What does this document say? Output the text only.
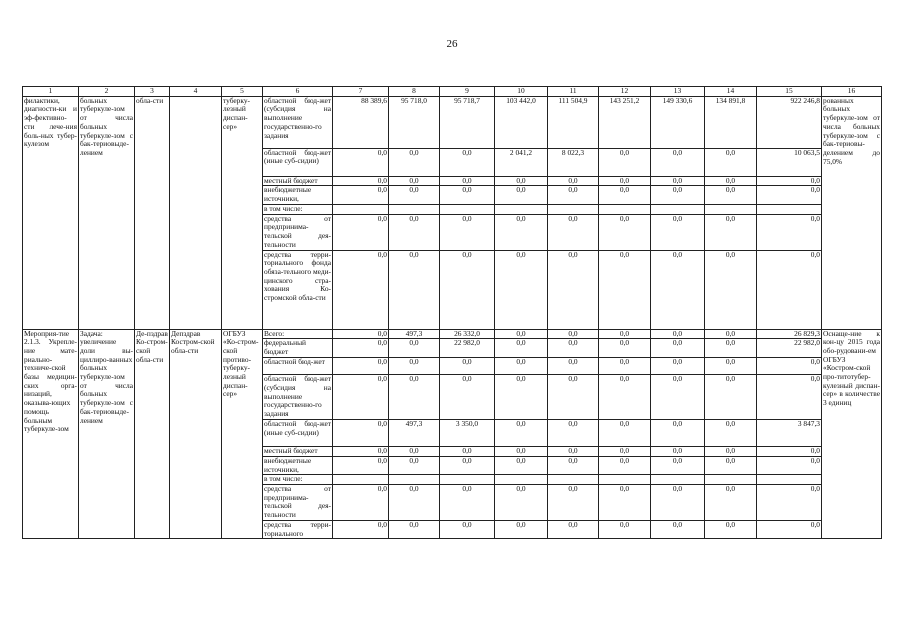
26
1	2	3	4	5	6	7	8	9	10	11	12	13	14	15	16
филактики, диагности-ки и эф-фективно-сти лече-ния боль-ных тубер-кулезом	больных туберкуле-зом от числа больных туберкуле-зом с бак-териовыде-лением	обла-сти		туберку-лезный диспан-сер»	областной бюд-жет (субсидия на выполнение государственно-го задания	88 389,6	95 718,0	95 718,7	103 442,0	111 504,9	143 251,2	149 330,6	134 891,8	922 246,8	рованных больных туберкуле-зом от числа больных туберкуле-зом с бак-териовы-делением до 75,0%
					областной бюд-жет (иные суб-сидии)	0,0	0,0	0,0	2 041,2	8 022,3	0,0	0,0	0,0	10 063,5	
					местный бюджет	0,0	0,0	0,0	0,0	0,0	0,0	0,0	0,0	0,0	
					внебюджетные источники,	0,0	0,0	0,0	0,0	0,0	0,0	0,0	0,0	0,0	
					в том числе:										
					средства от предпринима-тельской дея-тельности	0,0	0,0	0,0	0,0	0,0	0,0	0,0	0,0	0,0	
					средства терри-ториального фонда обяза-тельного меди-цинского стра-хования Ко-стромской обла-сти	0,0	0,0	0,0	0,0	0,0	0,0	0,0	0,0	0,0	
Мероприя-тие 2.1.3. Укрепле-ние мате-риально-техниче-ской базы медицин-ских орга-низаций, оказыва-ющих помощь больным туберкуле-зом	Задача: увеличение доли вы-циллиро-ванных больных туберкуле-зом от числа больных туберкуле-зом с бак-териовыде-лением	Де-пздрав Ко-стром-ской обла-сти	Депздрав Костром-ской обла-сти	ОГБУЗ «Ко-стром-ской противо-туберку-лезный диспан-сер»	Всего:	0,0	497,3	26 332,0	0,0	0,0	0,0	0,0	0,0	26 829,3	Оснаще-ние к кон-цу 2015 года обо-рудовани-ем ОГБУЗ «Костром-ской про-титотубер-кулезный диспан-сер» в количестве 3 единиц
					федеральный бюджет	0,0	0,0	22 982,0	0,0	0,0	0,0	0,0	0,0	22 982,0	
					областной бюд-жет	0,0	0,0	0,0	0,0	0,0	0,0	0,0	0,0	0,0	
					областной бюд-жет (субсидия на выполнение государственно-го задания	0,0	0,0	0,0	0,0	0,0	0,0	0,0	0,0	0,0	
					областной бюд-жет (иные суб-сидии)	0,0	497,3	3 350,0	0,0	0,0	0,0	0,0	0,0	3 847,3	
					местный бюджет	0,0	0,0	0,0	0,0	0,0	0,0	0,0	0,0	0,0	
					внебюджетные источники,	0,0	0,0	0,0	0,0	0,0	0,0	0,0	0,0	0,0	
					в том числе:										
					средства от предпринима-тельской дея-тельности	0,0	0,0	0,0	0,0	0,0	0,0	0,0	0,0	0,0	
					средства терри-ториального	0,0	0,0	0,0	0,0	0,0	0,0	0,0	0,0	0,0	
